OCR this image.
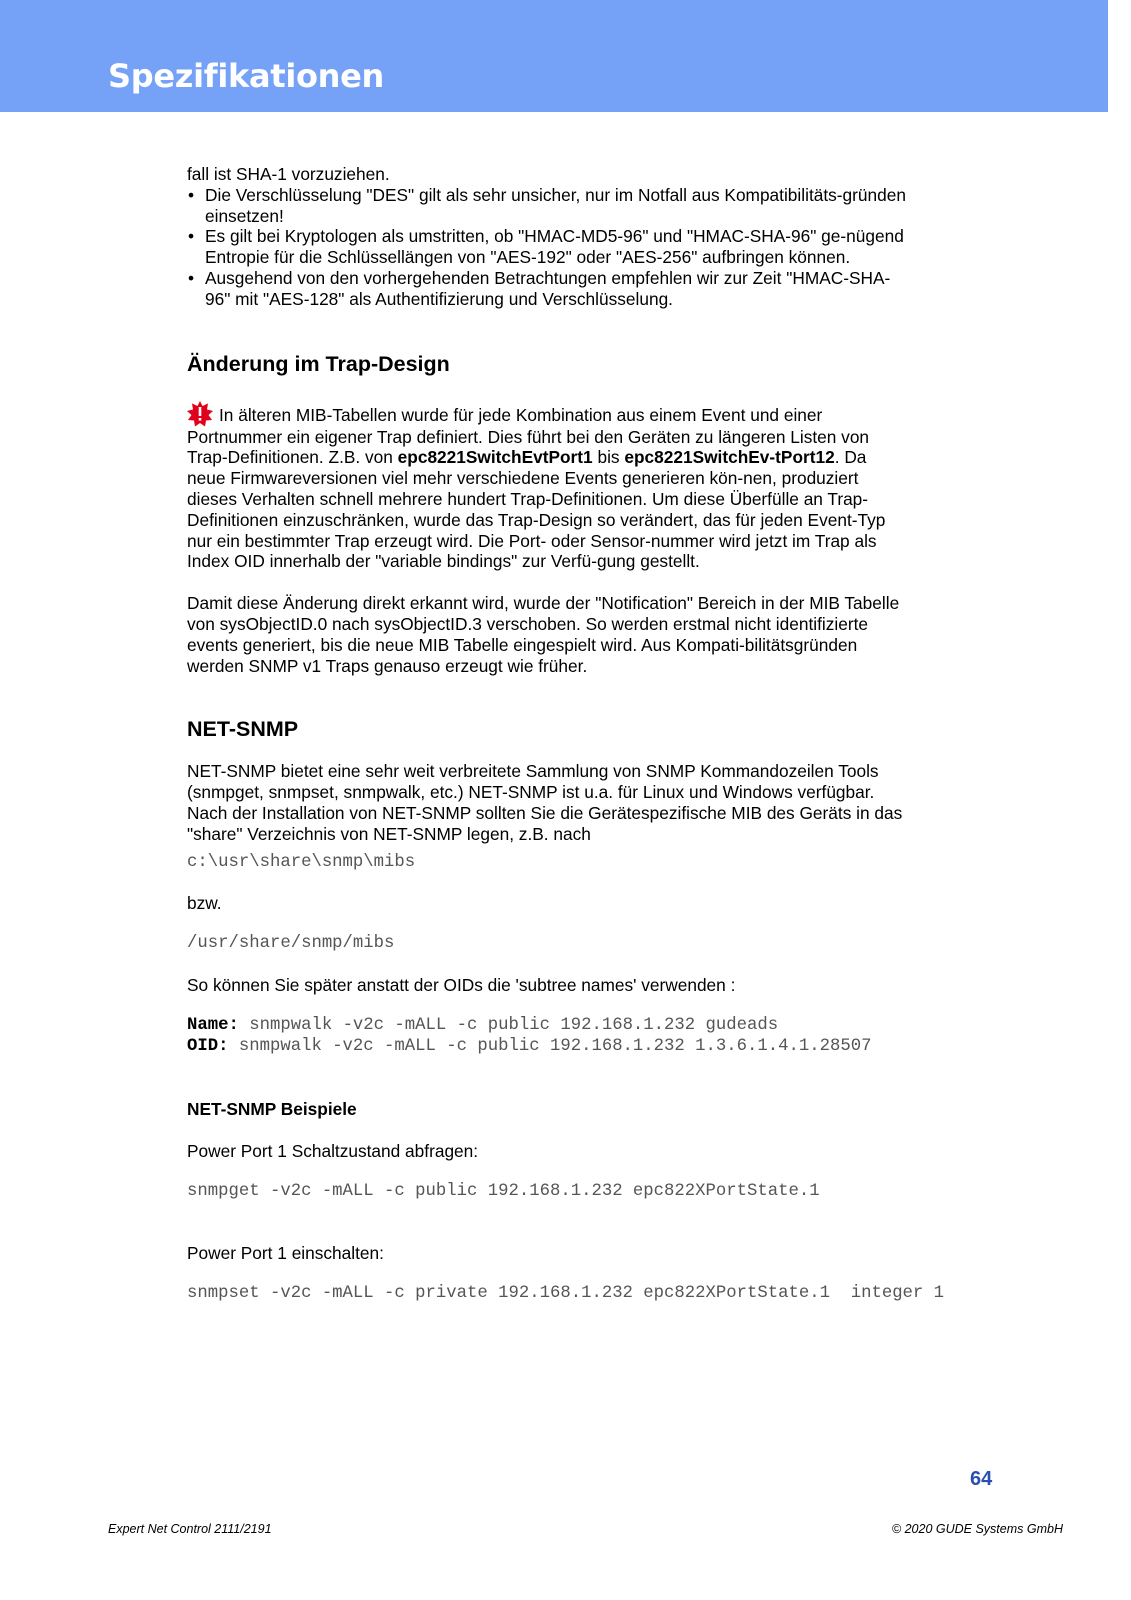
Spezifikationen

fall ist SHA-1 vorzuziehen.

• Die Verschlüsselung "DES" gilt als sehr unsicher, nur im Notfall aus Kompatibilitäts-gründen einsetzen!
• Es gilt bei Kryptologen als umstritten, ob "HMAC-MD5-96" und "HMAC-SHA-96" ge-nügend Entropie für die Schlüssellängen von "AES-192" oder "AES-256" aufbringen können.
• Ausgehend von den vorhergehenden Betrachtungen empfehlen wir zur Zeit "HMAC-SHA-96" mit "AES-128" als Authentifizierung und Verschlüsselung.
Änderung im Trap-Design

In älteren MIB-Tabellen wurde für jede Kombination aus einem Event und einer Portnummer ein eigener Trap definiert. Dies führt bei den Geräten zu längeren Listen von Trap-Definitionen. Z.B. von epc8221SwitchEvtPort1 bis epc8221SwitchEv-tPort12. Da neue Firmwareversionen viel mehr verschiedene Events generieren kön-nen, produziert dieses Verhalten schnell mehrere hundert Trap-Definitionen. Um diese Überfülle an Trap-Definitionen einzuschränken, wurde das Trap-Design so verändert, das für jeden Event-Typ nur ein bestimmter Trap erzeugt wird. Die Port- oder Sensor-nummer wird jetzt im Trap als Index OID innerhalb der "variable bindings" zur Verfü-gung gestellt.

Damit diese Änderung direkt erkannt wird, wurde der "Notification" Bereich in der MIB Tabelle von sysObjectID.0 nach sysObjectID.3 verschoben. So werden erstmal nicht identifizierte events generiert, bis die neue MIB Tabelle eingespielt wird. Aus Kompati-bilitätsgründen werden SNMP v1 Traps genauso erzeugt wie früher.

NET-SNMP

NET-SNMP bietet eine sehr weit verbreitete Sammlung von SNMP Kommandozeilen Tools (snmpget, snmpset, snmpwalk, etc.) NET-SNMP ist u.a. für Linux und Windows verfügbar. Nach der Installation von NET-SNMP sollten Sie die Gerätespezifische MIB des Geräts in das "share" Verzeichnis von NET-SNMP legen, z.B. nach

c:\usr\share\snmp\mibs

bzw.

/usr/share/snmp/mibs

So können Sie später anstatt der OIDs die 'subtree names' verwenden :

Name: snmpwalk -v2c -mALL -c public 192.168.1.232 gudeads
OID: snmpwalk -v2c -mALL -c public 192.168.1.232 1.3.6.1.4.1.28507
NET-SNMP Beispiele

Power Port 1 Schaltzustand abfragen:

snmpget -v2c -mALL -c public 192.168.1.232 epc822XPortState.1

Power Port 1 einschalten:

snmpset -v2c -mALL -c private 192.168.1.232 epc822XPortState.1  integer 1
64
Expert Net Control 2111/2191	© 2020 GUDE Systems GmbH
